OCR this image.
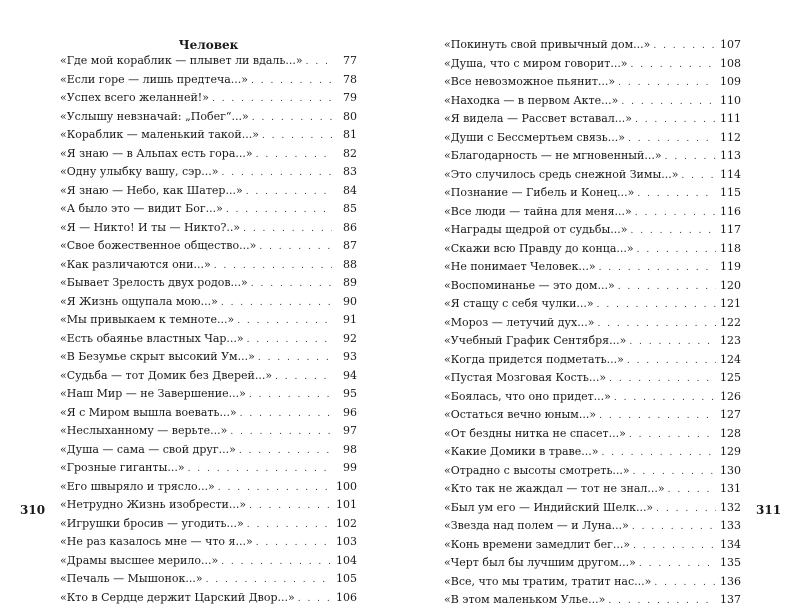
Человек
«Где мой кораблик — плывет ли вдаль...» . . .	77
«Если горе — лишь предтеча...» . . .	78
«Успех всего желанней!» . . .	79
«Услышу невзначай: „Побег“...» . . .	80
«Кораблик — маленький такой...» . . .	81
«Я знаю — в Альпах есть гора...» . . .	82
«Одну улыбку вашу, сэр...» . . .	83
«Я знаю — Небо, как Шатер...» . . .	84
«А было это — видит Бог...» . . .	85
«Я — Никто! И ты — Никто?..» . . .	86
«Свое божественное общество...» . . .	87
«Как различаются они...» . . .	88
«Бывает Зрелость двух родов...» . . .	89
«Я Жизнь ощупала мою...» . . .	90
«Мы привыкаем к темноте...» . . .	91
«Есть обаянье властных Чар...» . . .	92
«В Безумье скрыт высокий Ум...» . . .	93
«Судьба — тот Домик без Дверей...» . . .	94
«Наш Мир — не Завершение...» . . .	95
«Я с Миром вышла воевать...» . . .	96
«Неслыханному — верьте...» . . .	97
«Душа — сама — свой друг...» . . .	98
«Грозные гиганты...» . . .	99
«Его швыряло и трясло...» . . .	100
«Нетрудно Жизнь изобрести...» . . .	101
«Игрушки бросив — угодить...» . . .	102
«Не раз казалось мне — что я...» . . .	103
«Драмы высшее мерило...» . . .	104
«Печаль — Мышонок...» . . .	105
«Кто в Сердце держит Царский Двор...» . . .	106
310
«Покинуть свой привычный дом...» . . .	107
«Душа, что с миром говорит...» . . .	108
«Все невозможное пьянит...» . . .	109
«Находка — в первом Акте...» . . .	110
«Я видела — Рассвет вставал...» . . .	111
«Души с Бессмертьем связь...» . . .	112
«Благодарность — не мгновенный...» . . .	113
«Это случилось средь снежной Зимы...» . . .	114
«Познание — Гибель и Конец...» . . .	115
«Все люди — тайна для меня...» . . .	116
«Награды щедрой от судьбы...» . . .	117
«Скажи всю Правду до конца...» . . .	118
«Не понимает Человек...» . . .	119
«Воспоминанье — это дом...» . . .	120
«Я стащу с себя чулки...» . . .	121
«Мороз — летучий дух...» . . .	122
«Учебный График Сентября...» . . .	123
«Когда придется подметать...» . . .	124
«Пустая Мозговая Кость...» . . .	125
«Боялась, что оно придет...» . . .	126
«Остаться вечно юным...» . . .	127
«От бездны нитка не спасет...» . . .	128
«Какие Домики в траве...» . . .	129
«Отрадно с высоты смотреть...» . . .	130
«Кто так не жаждал — тот не знал...» . . .	131
«Был ум его — Индийский Шелк...» . . .	132
«Звезда над полем — и Луна...» . . .	133
«Конь времени замедлит бег...» . . .	134
«Черт был бы лучшим другом...» . . .	135
«Все, что мы тратим, тратит нас...» . . .	136
«В этом маленьком Улье...» . . .	137
311
